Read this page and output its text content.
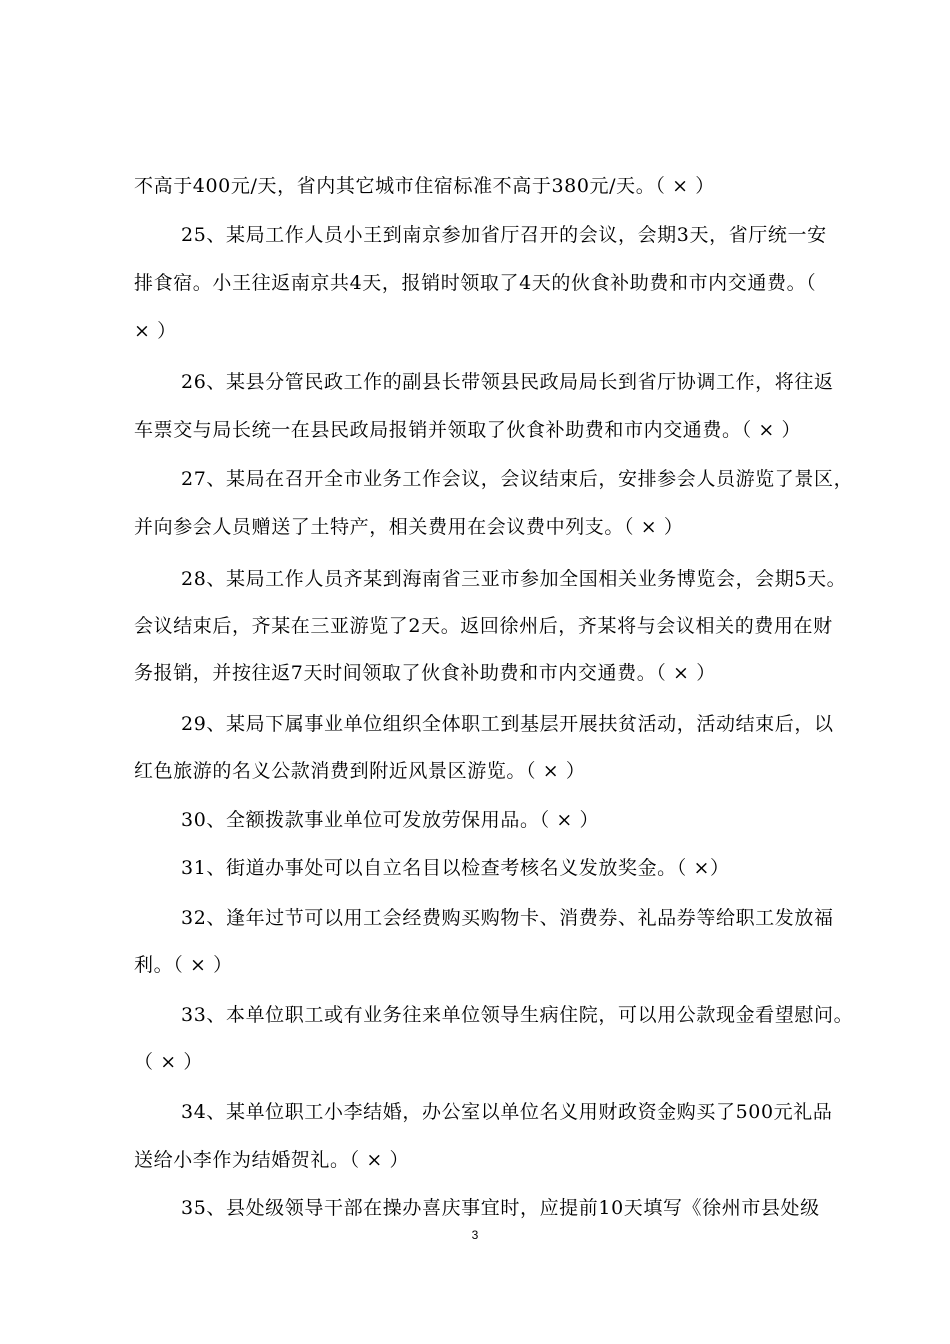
不高于400元/天，省内其它城市住宿标准不高于380元/天。（ × ）
25、某局工作人员小王到南京参加省厅召开的会议，会期3天，省厅统一安
排食宿。小王往返南京共4天，报销时领取了4天的伙食补助费和市内交通费。（
× ）
26、某县分管民政工作的副县长带领县民政局局长到省厅协调工作，将往返
车票交与局长统一在县民政局报销并领取了伙食补助费和市内交通费。（ × ）
27、某局在召开全市业务工作会议，会议结束后，安排参会人员游览了景区，
并向参会人员赠送了土特产，相关费用在会议费中列支。（ × ）
28、某局工作人员齐某到海南省三亚市参加全国相关业务博览会，会期5天。
会议结束后，齐某在三亚游览了2天。返回徐州后，齐某将与会议相关的费用在财
务报销，并按往返7天时间领取了伙食补助费和市内交通费。（ × ）
29、某局下属事业单位组织全体职工到基层开展扶贫活动，活动结束后，以
红色旅游的名义公款消费到附近风景区游览。（ × ）
30、全额拨款事业单位可发放劳保用品。（ × ）
31、街道办事处可以自立名目以检查考核名义发放奖金。（ ×）
32、逢年过节可以用工会经费购买购物卡、消费券、礼品券等给职工发放福
利。（ × ）
33、本单位职工或有业务往来单位领导生病住院，可以用公款现金看望慰问。
（ × ）
34、某单位职工小李结婚，办公室以单位名义用财政资金购买了500元礼品
送给小李作为结婚贺礼。（ × ）
35、县处级领导干部在操办喜庆事宜时，应提前10天填写《徐州市县处级
3
